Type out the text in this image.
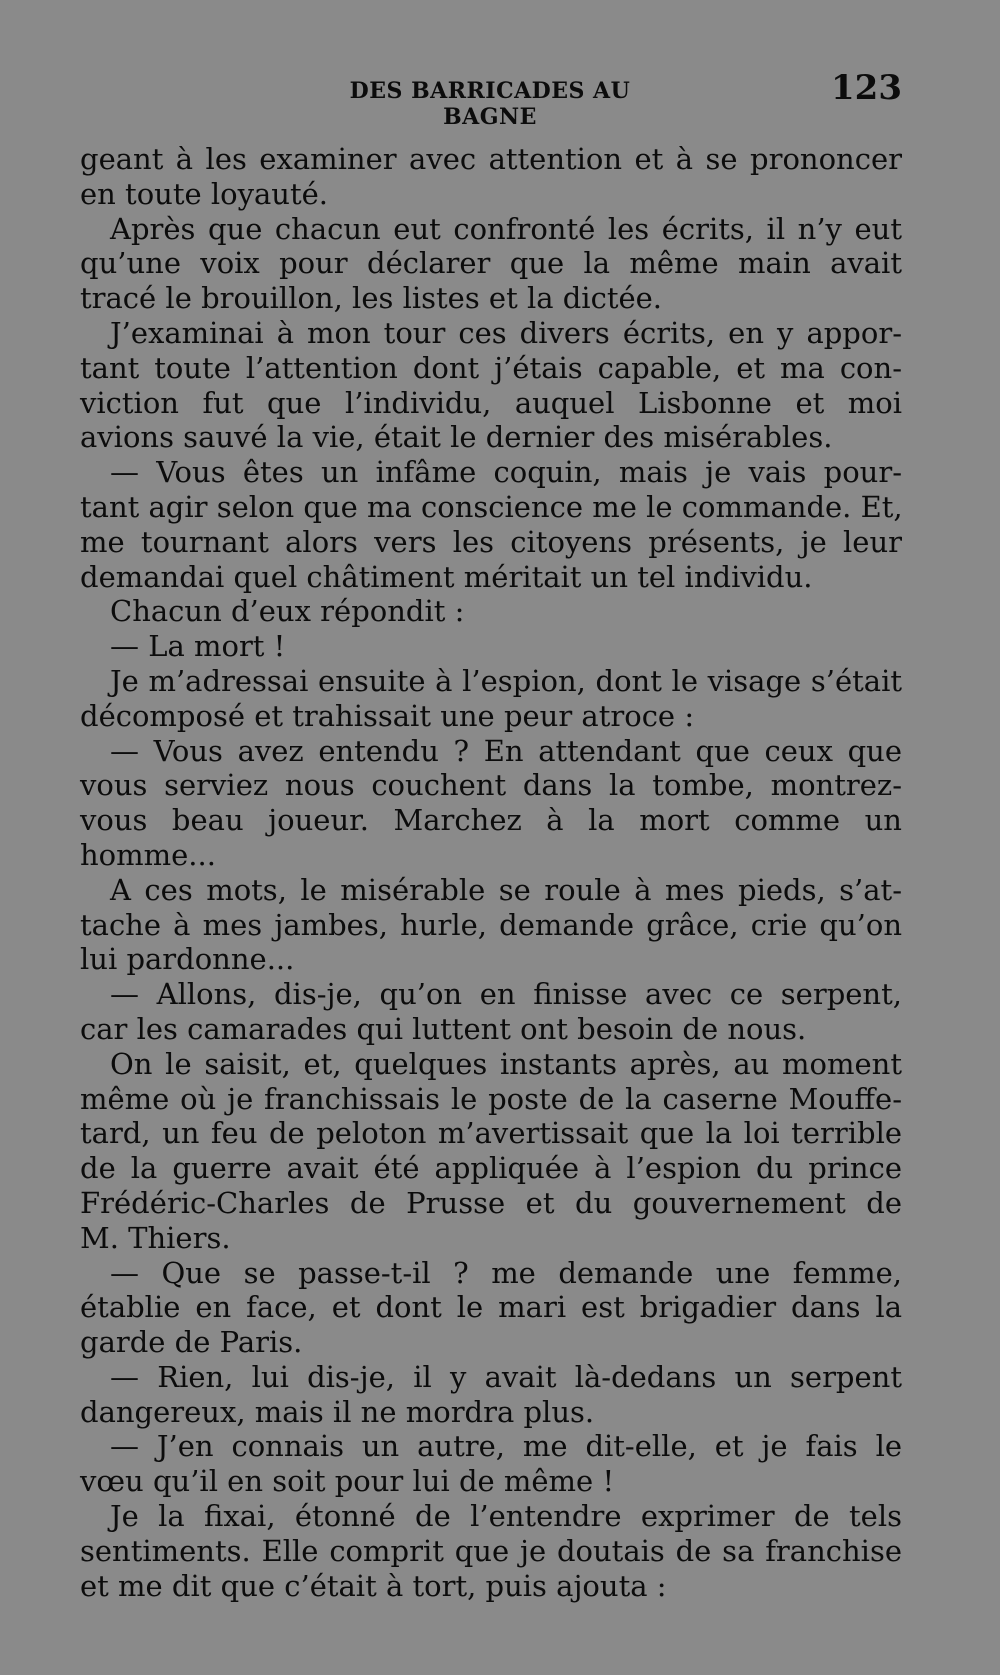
DES BARRICADES AU BAGNE
123
geant à les examiner avec attention et à se prononcer
en toute loyauté.
Après que chacun eut confronté les écrits, il n’y eut
qu’une voix pour déclarer que la même main avait
tracé le brouillon, les listes et la dictée.
J’examinai à mon tour ces divers écrits, en y appor-
tant toute l’attention dont j’étais capable, et ma con-
viction fut que l’individu, auquel Lisbonne et moi
avions sauvé la vie, était le dernier des misérables.
— Vous êtes un infâme coquin, mais je vais pour-
tant agir selon que ma conscience me le commande. Et,
me tournant alors vers les citoyens présents, je leur
demandai quel châtiment méritait un tel individu.
Chacun d’eux répondit :
— La mort !
Je m’adressai ensuite à l’espion, dont le visage s’était
décomposé et trahissait une peur atroce :
— Vous avez entendu ? En attendant que ceux que
vous serviez nous couchent dans la tombe, montrez-
vous beau joueur. Marchez à la mort comme un
homme...
A ces mots, le misérable se roule à mes pieds, s’at-
tache à mes jambes, hurle, demande grâce, crie qu’on
lui pardonne...
— Allons, dis-je, qu’on en finisse avec ce serpent,
car les camarades qui luttent ont besoin de nous.
On le saisit, et, quelques instants après, au moment
même où je franchissais le poste de la caserne Mouffe-
tard, un feu de peloton m’avertissait que la loi terrible
de la guerre avait été appliquée à l’espion du prince
Frédéric-Charles de Prusse et du gouvernement de
M. Thiers.
— Que se passe-t-il ? me demande une femme,
établie en face, et dont le mari est brigadier dans la
garde de Paris.
— Rien, lui dis-je, il y avait là-dedans un serpent
dangereux, mais il ne mordra plus.
— J’en connais un autre, me dit-elle, et je fais le
vœu qu’il en soit pour lui de même !
Je la fixai, étonné de l’entendre exprimer de tels
sentiments. Elle comprit que je doutais de sa franchise
et me dit que c’était à tort, puis ajouta :
